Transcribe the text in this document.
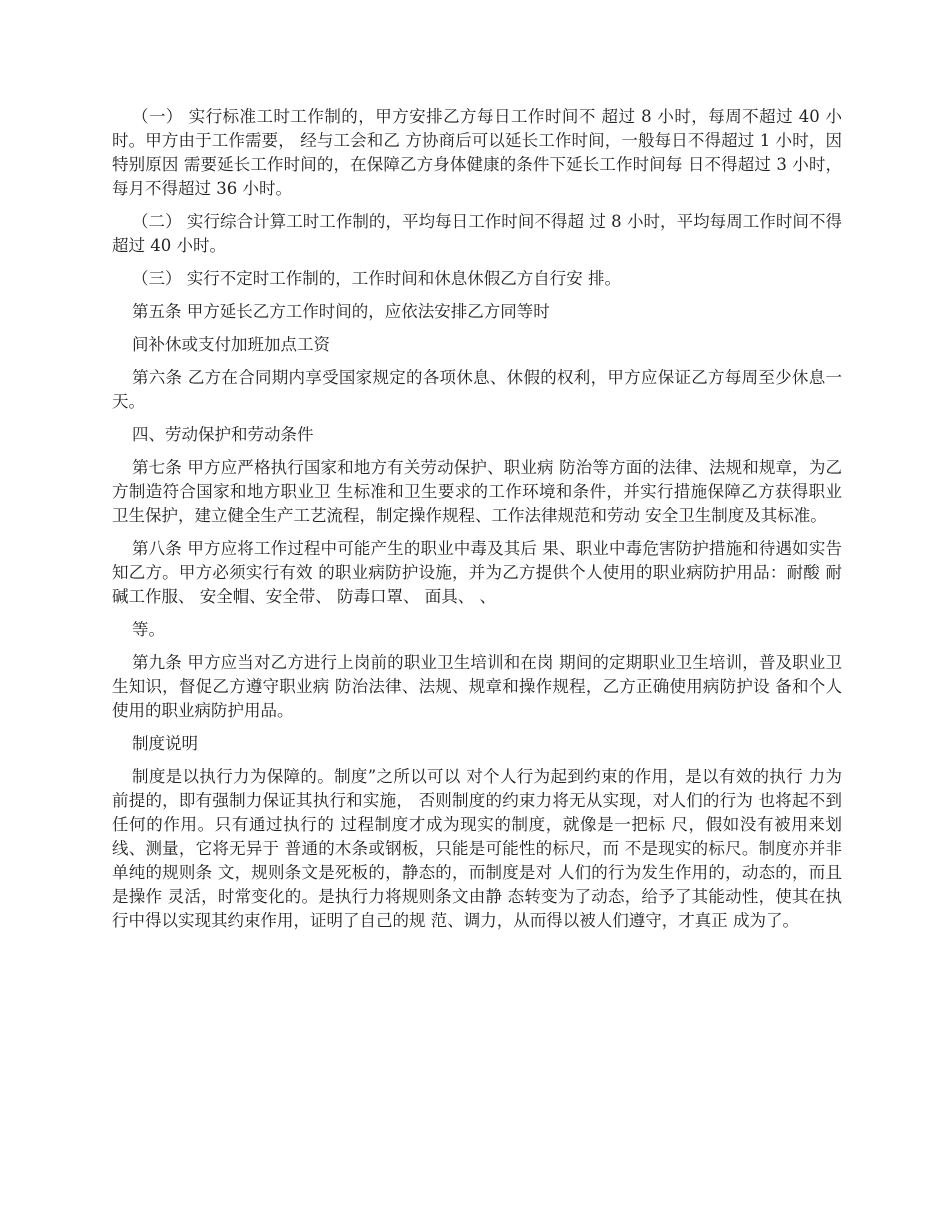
（一） 实行标准工时工作制的，甲方安排乙方每日工作时间不 超过 8 小时，每周不超过 40 小时。甲方由于工作需要， 经与工会和乙 方协商后可以延长工作时间，一般每日不得超过 1 小时，因特别原因 需要延长工作时间的，在保障乙方身体健康的条件下延长工作时间每 日不得超过 3 小时，每月不得超过 36 小时。

（二） 实行综合计算工时工作制的，平均每日工作时间不得超 过 8 小时，平均每周工作时间不得超过 40 小时。

（三） 实行不定时工作制的，工作时间和休息休假乙方自行安 排。

第五条 甲方延长乙方工作时间的，应依法安排乙方同等时

间补休或支付加班加点工资

第六条 乙方在合同期内享受国家规定的各项休息、休假的权利，甲方应保证乙方每周至少休息一天。

四、劳动保护和劳动条件

第七条 甲方应严格执行国家和地方有关劳动保护、职业病 防治等方面的法律、法规和规章，为乙方制造符合国家和地方职业卫 生标准和卫生要求的工作环境和条件，并实行措施保障乙方获得职业 卫生保护，建立健全生产工艺流程，制定操作规程、工作法律规范和劳动 安全卫生制度及其标准。

第八条 甲方应将工作过程中可能产生的职业中毒及其后 果、职业中毒危害防护措施和待遇如实告知乙方。甲方必须实行有效 的职业病防护设施，并为乙方提供个人使用的职业病防护用品：耐酸 耐碱工作服、 安全帽、安全带、 防毒口罩、 面具、 、

等。

第九条 甲方应当对乙方进行上岗前的职业卫生培训和在岗 期间的定期职业卫生培训，普及职业卫生知识，督促乙方遵守职业病 防治法律、法规、规章和操作规程，乙方正确使用病防护设 备和个人使用的职业病防护用品。

制度说明

制度是以执行力为保障的。制度”之所以可以 对个人行为起到约束的作用，是以有效的执行 力为前提的，即有强制力保证其执行和实施， 否则制度的约束力将无从实现，对人们的行为 也将起不到任何的作用。只有通过执行的 过程制度才成为现实的制度，就像是一把标 尺，假如没有被用来划线、测量，它将无异于 普通的木条或钢板，只能是可能性的标尺，而 不是现实的标尺。制度亦并非单纯的规则条 文，规则条文是死板的，静态的，而制度是对 人们的行为发生作用的，动态的，而且是操作 灵活，时常变化的。是执行力将规则条文由静 态转变为了动态，给予了其能动性，使其在执 行中得以实现其约束作用，证明了自己的规 范、调力，从而得以被人们遵守，才真正 成为了。
